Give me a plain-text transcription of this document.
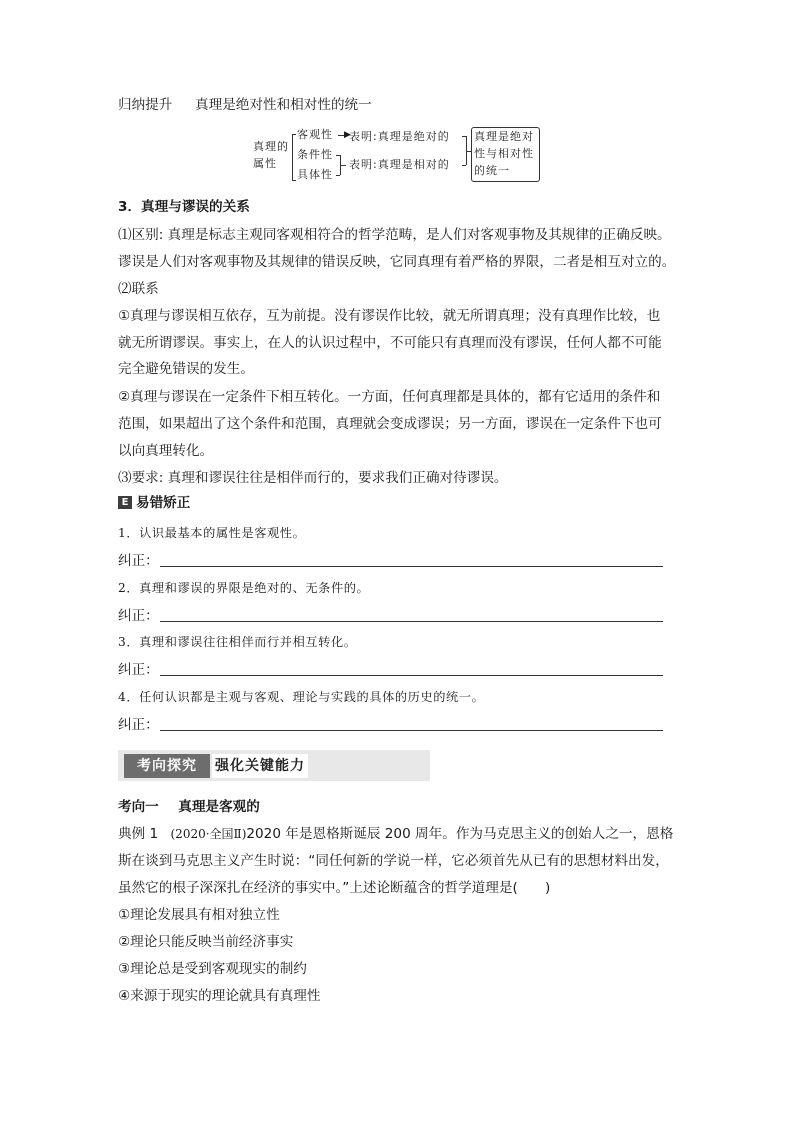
归纳提升 真理是绝对性和相对性的统一
真理的
属性
客观性
条件性
具体性
▶
表明:真理是绝对的
表明:真理是相对的
真理是绝对
性与相对性
的统一
3．真理与谬误的关系
⑴区别: 真理是标志主观同客观相符合的哲学范畴，是人们对客观事物及其规律的正确反映。
谬误是人们对客观事物及其规律的错误反映，它同真理有着严格的界限，二者是相互对立的。
⑵联系
①真理与谬误相互依存，互为前提。没有谬误作比较，就无所谓真理；没有真理作比较，也
就无所谓谬误。事实上，在人的认识过程中，不可能只有真理而没有谬误，任何人都不可能
完全避免错误的发生。
②真理与谬误在一定条件下相互转化。一方面，任何真理都是具体的，都有它适用的条件和
范围，如果超出了这个条件和范围，真理就会变成谬误；另一方面，谬误在一定条件下也可
以向真理转化。
⑶要求: 真理和谬误往往是相伴而行的，要求我们正确对待谬误。
E 易错矫正
1．认识最基本的属性是客观性。
纠正：
2．真理和谬误的界限是绝对的、无条件的。
纠正：
3．真理和谬误往往相伴而行并相互转化。
纠正：
4．任何认识都是主观与客观、理论与实践的具体的历史的统一。
纠正：
考向探究	强化关键能力
考向一 真理是客观的
典例 1 (2020·全国Ⅱ)2020 年是恩格斯诞辰 200 周年。作为马克思主义的创始人之一，恩格
斯在谈到马克思主义产生时说：“同任何新的学说一样，它必须首先从已有的思想材料出发，
虽然它的根子深深扎在经济的事实中。”上述论断蕴含的哲学道理是(　　)
①理论发展具有相对独立性
②理论只能反映当前经济事实
③理论总是受到客观现实的制约
④来源于现实的理论就具有真理性
